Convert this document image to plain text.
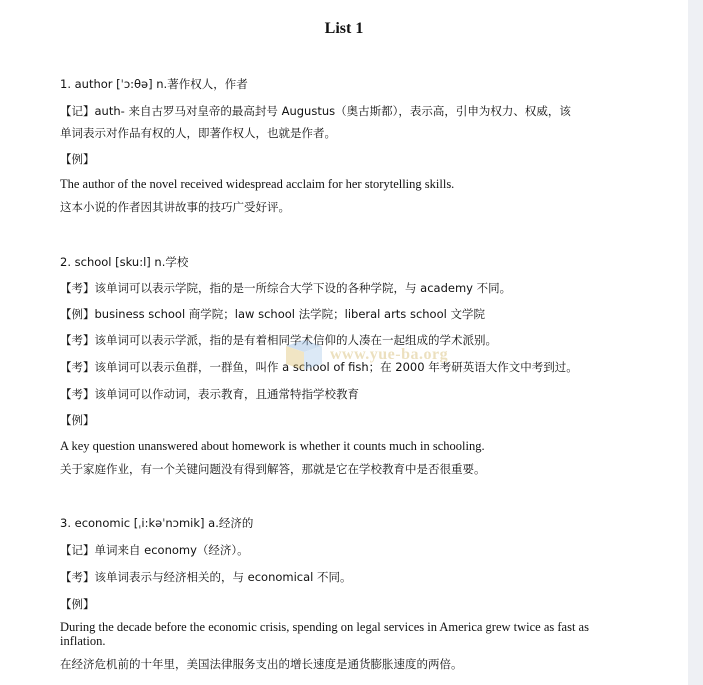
List 1
1. author [ˈɔ:θə] n.著作权人，作者
【记】auth- 来自古罗马对皇帝的最高封号 Augustus（奥古斯都），表示高，引申为权力、权威，该
单词表示对作品有权的人，即著作权人，也就是作者。
【例】
The author of the novel received widespread acclaim for her storytelling skills.
这本小说的作者因其讲故事的技巧广受好评。
2. school [sku:l] n.学校
【考】该单词可以表示学院，指的是一所综合大学下设的各种学院，与 academy 不同。
【例】business school 商学院；law school 法学院；liberal arts school 文学院
【考】该单词可以表示学派，指的是有着相同学术信仰的人凑在一起组成的学术派别。
【考】该单词可以表示鱼群，一群鱼，叫作 a school of fish；在 2000 年考研英语大作文中考到过。
【考】该单词可以作动词，表示教育，且通常特指学校教育
【例】
A key question unanswered about homework is whether it counts much in schooling.
关于家庭作业，有一个关键问题没有得到解答，那就是它在学校教育中是否很重要。
3. economic [ˌi:kəˈnɔmik] a.经济的
【记】单词来自 economy（经济）。
【考】该单词表示与经济相关的，与 economical 不同。
【例】
During the decade before the economic crisis, spending on legal services in America grew twice as fast as inflation.
在经济危机前的十年里，美国法律服务支出的增长速度是通货膨胀速度的两倍。
www.yue-ba.org
